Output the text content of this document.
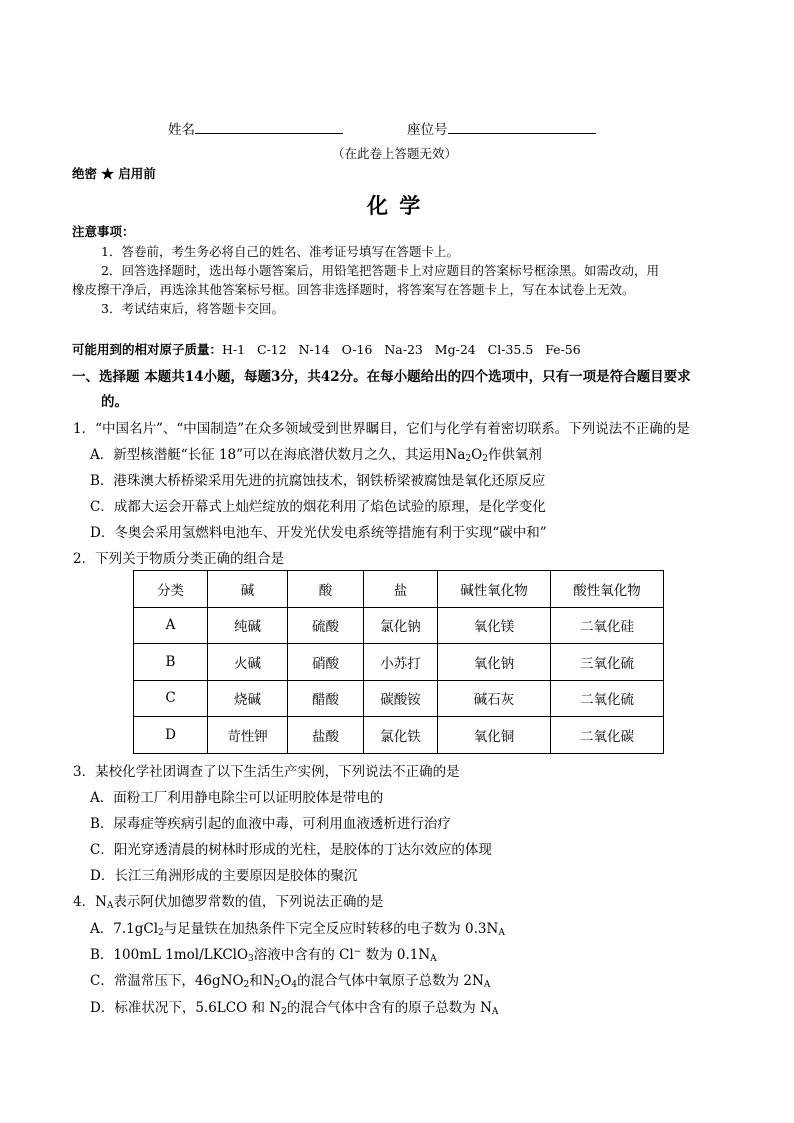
姓名	座位号
（在此卷上答题无效）
绝密 ★ 启用前
化 学
注意事项：
1．答卷前，考生务必将自己的姓名、准考证号填写在答题卡上。
2．回答选择题时，选出每小题答案后，用铅笔把答题卡上对应题目的答案标号框涂黑。如需改动，用
橡皮擦干净后，再选涂其他答案标号框。回答非选择题时，将答案写在答题卡上，写在本试卷上无效。
3．考试结束后，将答题卡交回。
可能用到的相对原子质量：H-1   C-12   N-14   O-16   Na-23   Mg-24   Cl-35.5   Fe-56
一、选择题 本题共14小题，每题3分，共42分。在每小题给出的四个选项中，只有一项是符合题目要求
的。
1．“中国名片”、“中国制造”在众多领域受到世界瞩目，它们与化学有着密切联系。下列说法不正确的是
A．新型核潜艇“长征 18”可以在海底潜伏数月之久，其运用$Na_2O_2$作供氧剂
B．港珠澳大桥桥梁采用先进的抗腐蚀技术，钢铁桥梁被腐蚀是氧化还原反应
C．成都大运会开幕式上灿烂绽放的烟花利用了焰色试验的原理，是化学变化
D．冬奥会采用氢燃料电池车、开发光伏发电系统等措施有利于实现“碳中和”
2．下列关于物质分类正确的组合是
分类	碱	酸	盐	碱性氧化物	酸性氧化物
A	纯碱	硫酸	氯化钠	氧化镁	二氧化硅
B	火碱	硝酸	小苏打	氧化钠	三氧化硫
C	烧碱	醋酸	碳酸铵	碱石灰	二氧化硫
D	苛性钾	盐酸	氯化铁	氧化铜	二氧化碳
3．某校化学社团调查了以下生活生产实例，下列说法不正确的是
A．面粉工厂利用静电除尘可以证明胶体是带电的
B．尿毒症等疾病引起的血液中毒，可利用血液透析进行治疗
C．阳光穿透清晨的树林时形成的光柱，是胶体的丁达尔效应的体现
D．长江三角洲形成的主要原因是胶体的聚沉
4．$N_A$表示阿伏加德罗常数的值，下列说法正确的是
A．7.1gCl$_2$与足量铁在加热条件下完全反应时转移的电子数为 $0.3N_A$
B．100mL 1mol/LKClO$_3$溶液中含有的 Cl− 数为 $0.1N_A$
C．常温常压下，46gNO$_2$和$N_2O_4$的混合气体中氧原子总数为 $2N_A$
D．标准状况下，5.6LCO 和 $N_2$的混合气体中含有的原子总数为 $N_A$
